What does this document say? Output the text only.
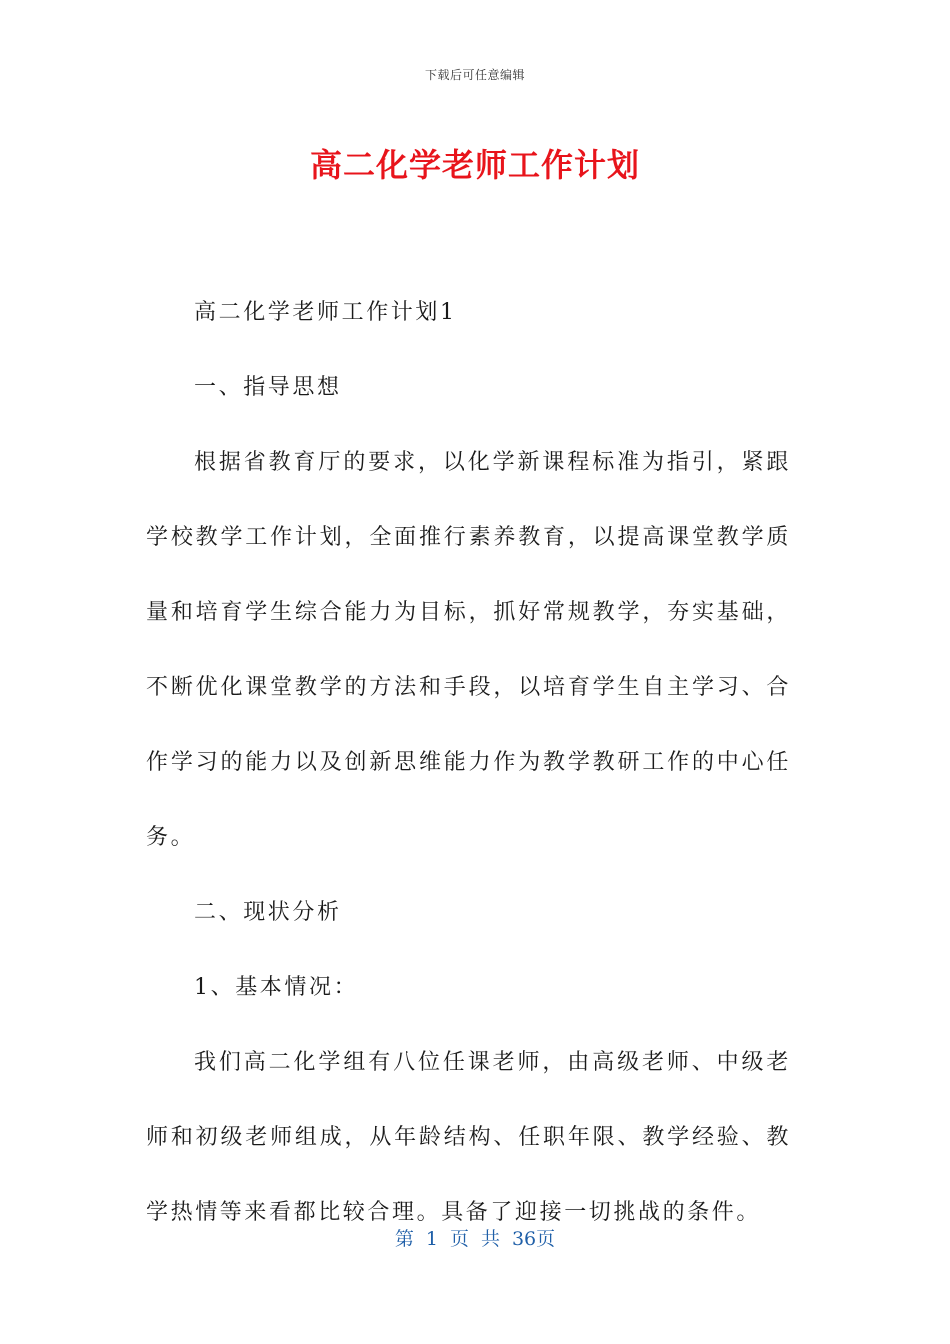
下载后可任意编辑
高二化学老师工作计划

高二化学老师工作计划1

一、指导思想

根据省教育厅的要求，以化学新课程标准为指引，紧跟学校教学工作计划，全面推行素养教育，以提高课堂教学质量和培育学生综合能力为目标，抓好常规教学，夯实基础，不断优化课堂教学的方法和手段，以培育学生自主学习、合作学习的能力以及创新思维能力作为教学教研工作的中心任务。

二、现状分析

1、基本情况：

我们高二化学组有八位任课老师，由高级老师、中级老师和初级老师组成，从年龄结构、任职年限、教学经验、教学热情等来看都比较合理。具备了迎接一切挑战的条件。

第 1 页 共 36页
